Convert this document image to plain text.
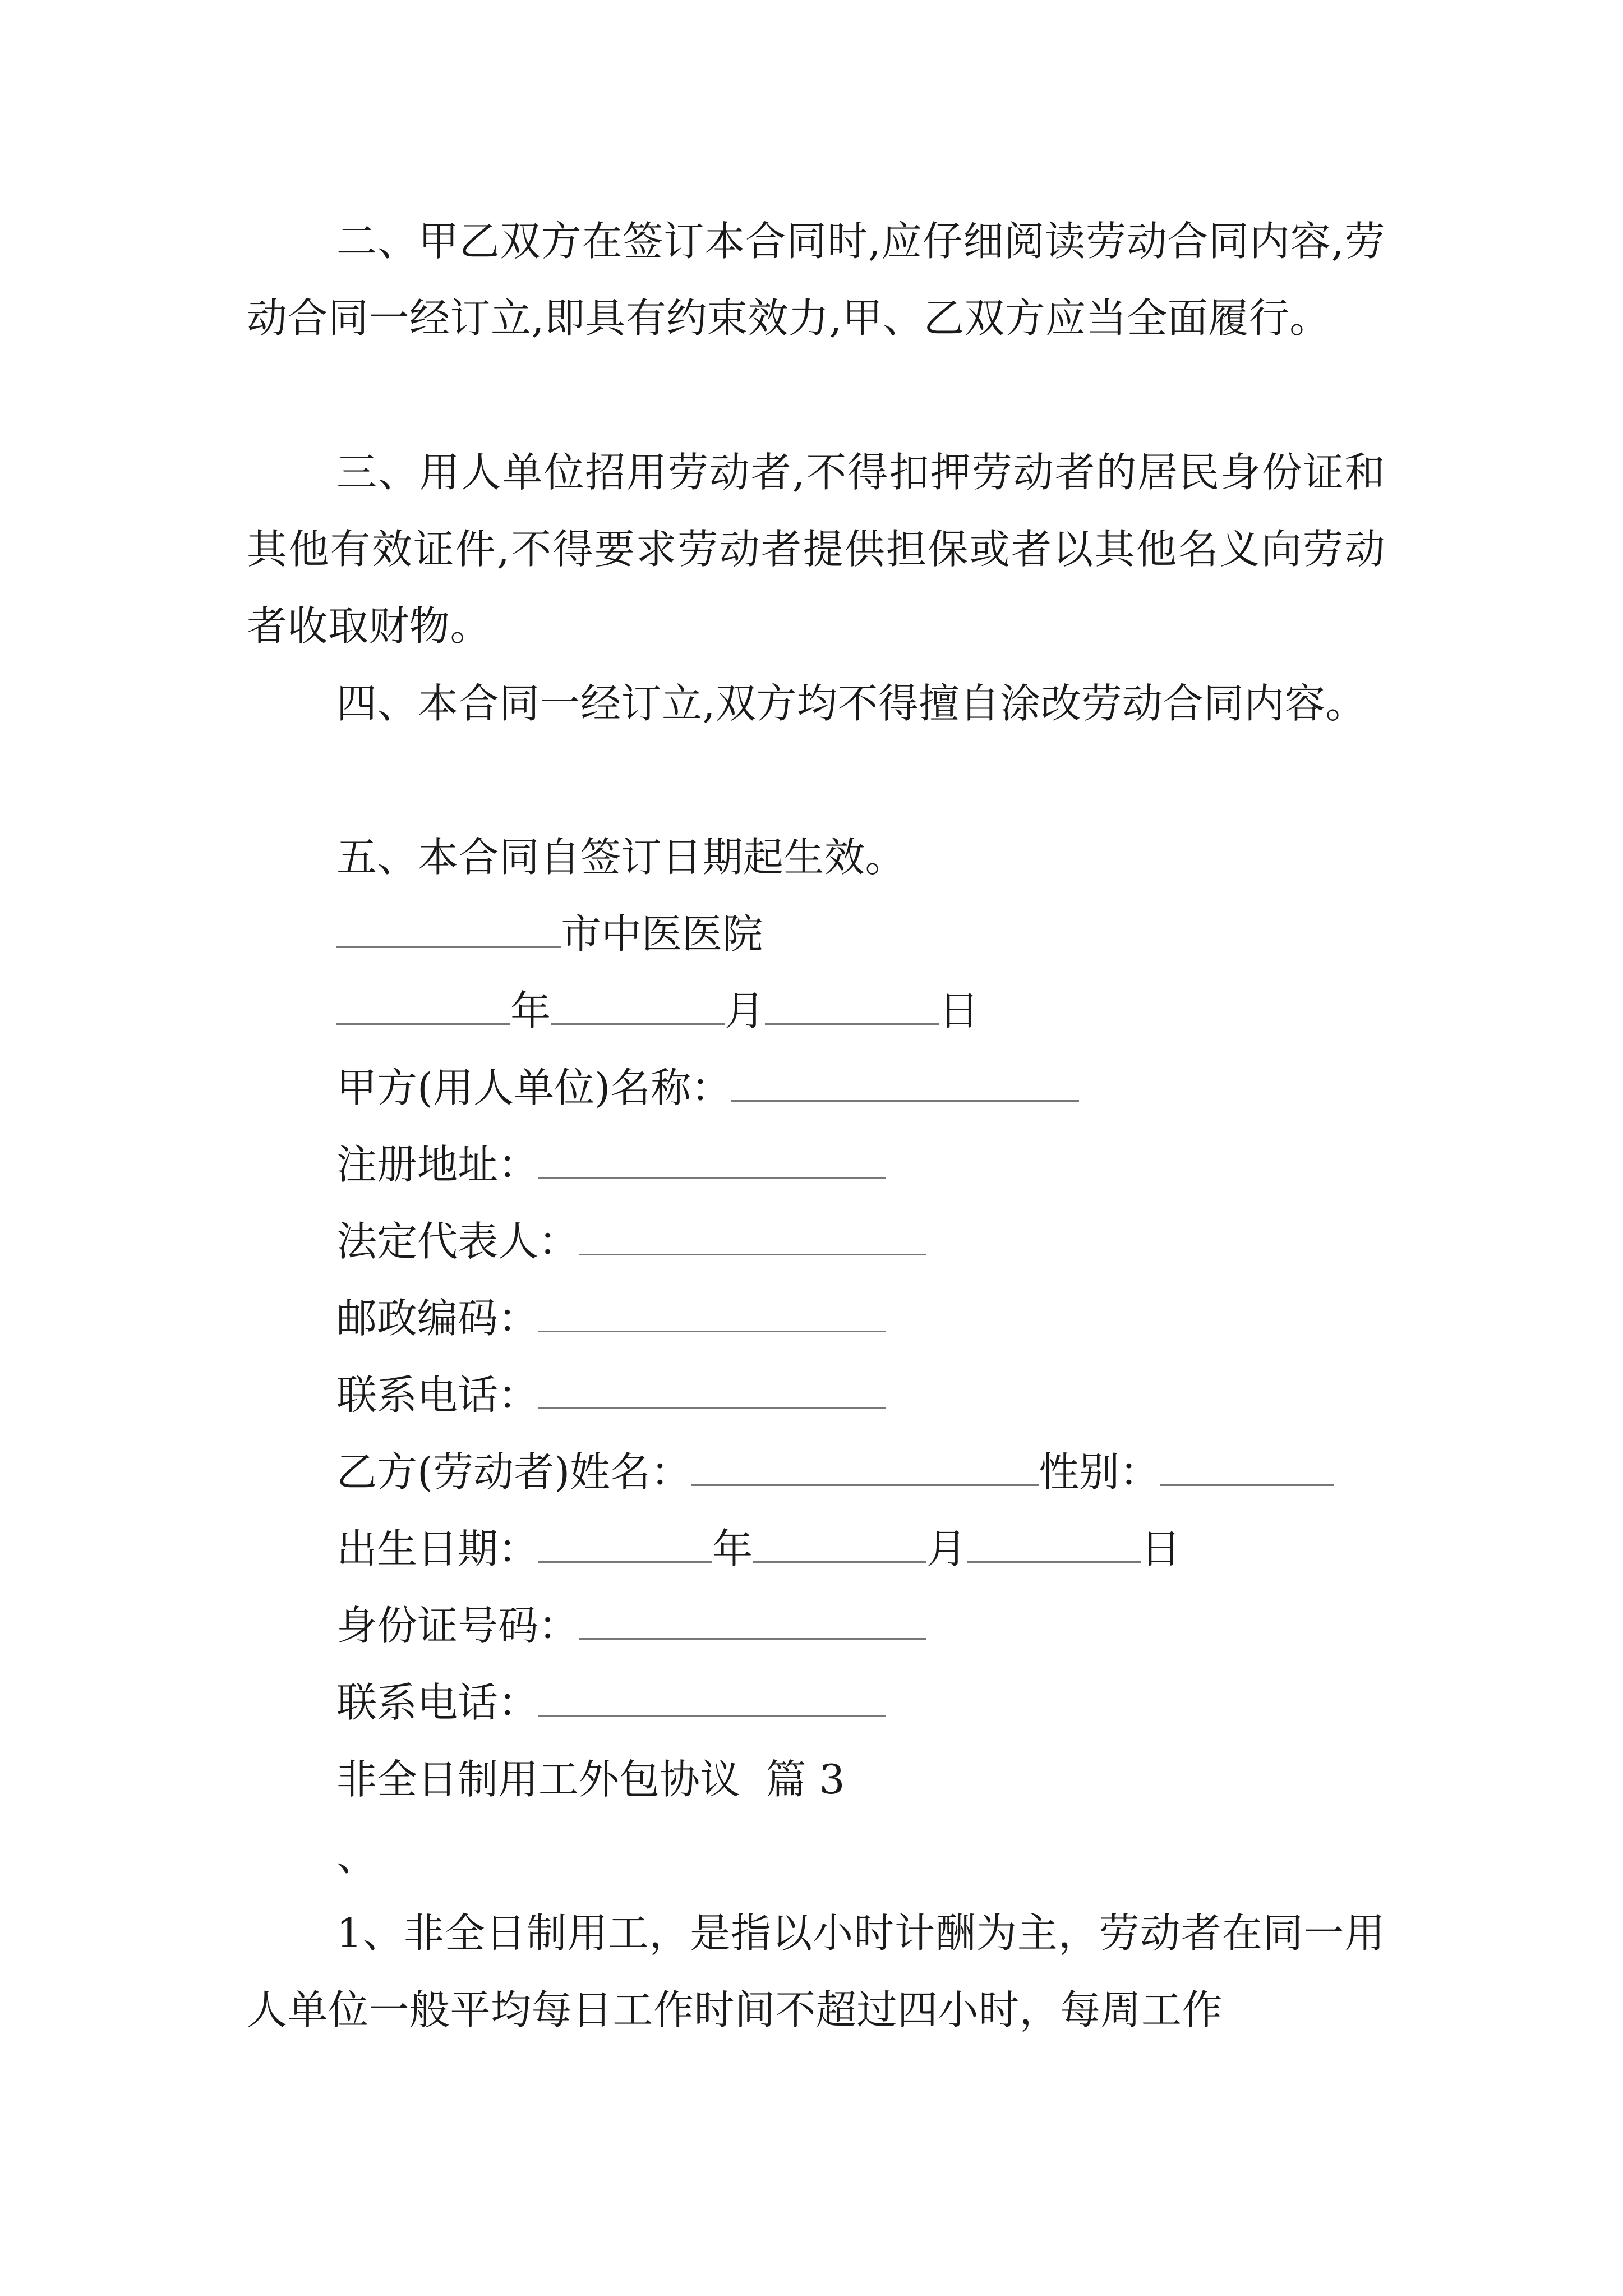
二、甲乙双方在签订本合同时,应仔细阅读劳动合同内容,劳动合同一经订立,即具有约束效力,甲、乙双方应当全面履行。

三、用人单位招用劳动者,不得扣押劳动者的居民身份证和其他有效证件,不得要求劳动者提供担保或者以其他名义向劳动者收取财物。

四、本合同一经订立,双方均不得擅自涂改劳动合同内容。

五、本合同自签订日期起生效。

市中医医院
年	月	日
甲方(用人单位)名称：
注册地址：
法定代表人：
邮政编码：
联系电话：
乙方(劳动者)姓名：	性别：
出生日期：	年	月	日
身份证号码：
联系电话：
非全日制用工外包协议  篇 3
、

1、非全日制用工，是指以小时计酬为主，劳动者在同一用人单位一般平均每日工作时间不超过四小时，每周工作
